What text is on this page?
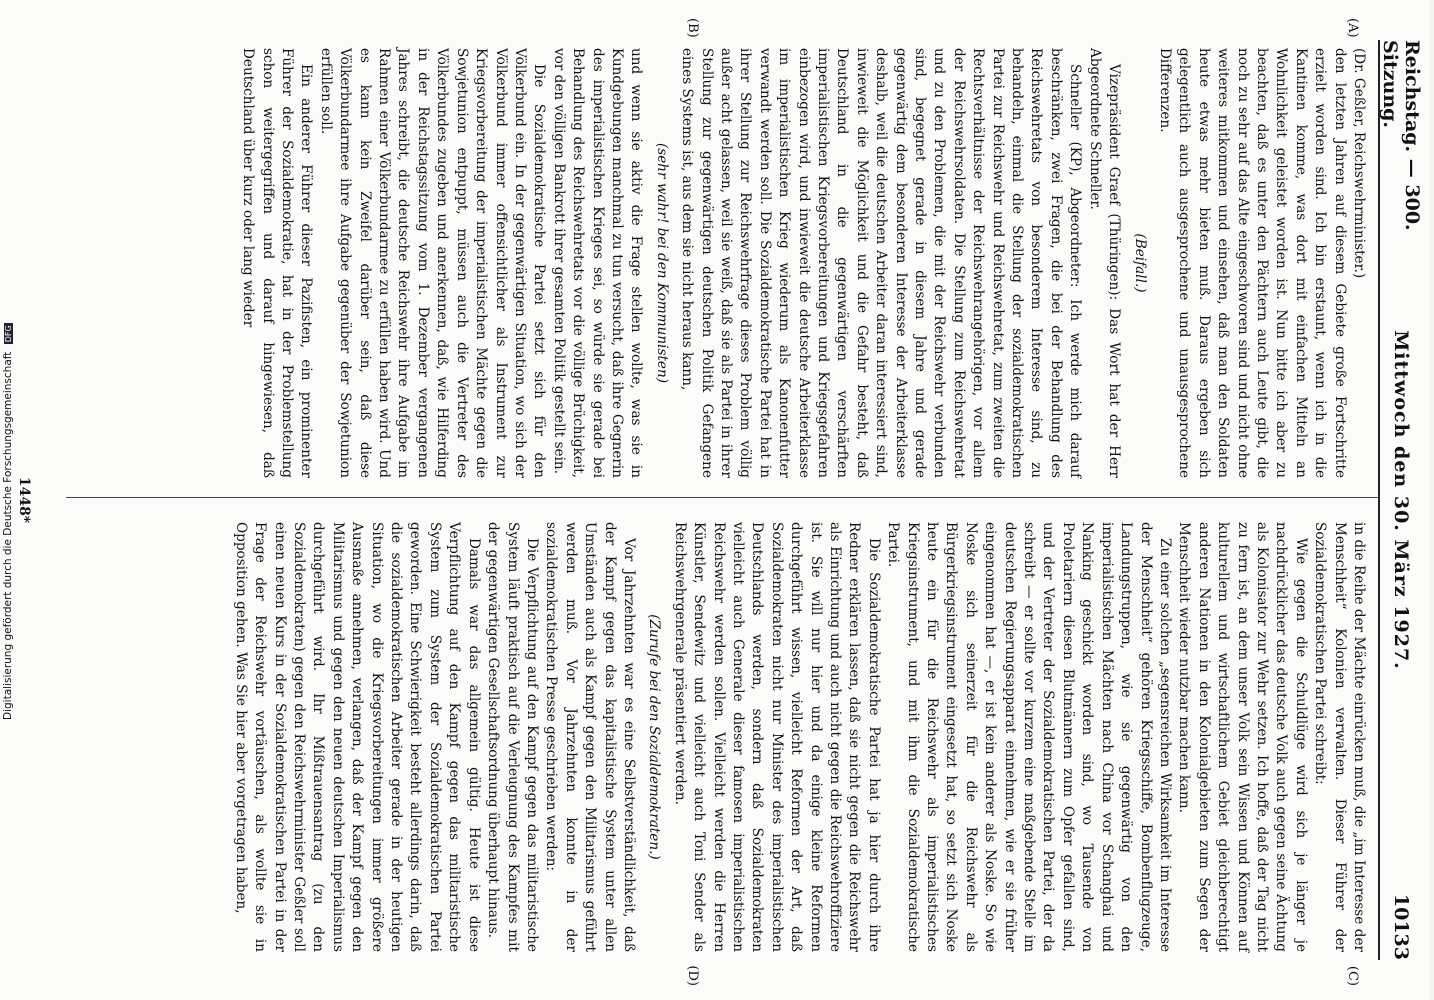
Reichstag. — 300. Sitzung.
Mittwoch den 30. März 1927.
10133
(A)
(B)
(C)
(D)

(Dr. Geßler, Reichswehrminister.)

den letzten Jahren auf diesem Gebiete große Fortschritte erzielt worden sind. Ich bin erstaunt, wenn ich in die Kantinen komme, was dort mit einfachen Mitteln an Wohnlichkeit geleistet worden ist. Nun bitte ich aber zu beachten, daß es unter den Pächtern auch Leute gibt, die noch zu sehr auf das Alte eingeschworen sind und nicht ohne weiteres mitkommen und einsehen, daß man den Soldaten heute etwas mehr bieten muß. Daraus ergeben sich gelegentlich auch ausgesprochene und unausgesprochene Differenzen.

(Beifall.)

Vizepräsident Graef (Thüringen): Das Wort hat der Herr Abgeordnete Schneller.

Schneller (KP), Abgeordneter: Ich werde mich darauf beschränken, zwei Fragen, die bei der Behandlung des Reichswehretats von besonderem Interesse sind, zu behandeln, einmal die Stellung der sozialdemokratischen Partei zur Reichswehr und Reichswehretat, zum zweiten die Rechtsverhältnisse der Reichswehrangehörigen, vor allem der Reichswehrsoldaten. Die Stellung zum Reichswehretat und zu den Problemen, die mit der Reichswehr verbunden sind, begegnet gerade in diesem Jahre und gerade gegenwärtig dem besonderen Interesse der Arbeiterklasse deshalb, weil die deutschen Arbeiter daran interessiert sind, inwieweit die Möglichkeit und die Gefahr besteht, daß Deutschland in die gegenwärtigen verschärften imperialistischen Kriegsvorbereitungen und Kriegsgefahren einbezogen wird, und inwieweit die deutsche Arbeiterklasse im imperialistischen Krieg wiederum als Kanonenfutter verwandt werden soll. Die Sozialdemokratische Partei hat in ihrer Stellung zur Reichswehrfrage dieses Problem völlig außer acht gelassen, weil sie weiß, daß sie als Partei in ihrer Stellung zur gegenwärtigen deutschen Politik Gefangene eines Systems ist, aus dem sie nicht heraus kann,

(sehr wahr! bei den Kommunisten)

und wenn sie aktiv die Frage stellen wollte, was sie in Kundgebungen manchmal zu tun versucht, daß ihre Gegnerin des imperialistischen Krieges sei, so würde sie gerade bei Behandlung des Reichswehretats vor die völlige Brüchigkeit, vor den völligen Bankrott ihrer gesamten Politik gestellt sein.

Die Sozialdemokratische Partei setzt sich für den Völkerbund ein. In der gegenwärtigen Situation, wo sich der Völkerbund immer offensichtlicher als Instrument zur Kriegsvorbereitung der imperialistischen Mächte gegen die Sowjetunion entpuppt, müssen auch die Vertreter des Völkerbundes zugeben und anerkennen, daß, wie Hilferding in der Reichstagssitzung vom 1. Dezember vergangenen Jahres schreibt, die deutsche Reichswehr ihre Aufgabe im Rahmen einer Völkerbundarmee zu erfüllen haben wird. Und es kann kein Zweifel darüber sein, daß diese Völkerbundarmee ihre Aufgabe gegenüber der Sowjetunion erfüllen soll.

Ein anderer Führer dieser Pazifisten, ein prominenter Führer der Sozialdemokratie, hat in der Problemstellung schon weitergegriffen und darauf hingewiesen, daß Deutschland über kurz oder lang wieder

in die Reihe der Mächte einrücken muß, die „im Interesse der Menschheit“ Kolonien verwalten. Dieser Führer der Sozialdemokratischen Partei schreibt:

Wie gegen die Schuldlüge wird sich je länger je nachdrücklicher das deutsche Volk auch gegen seine Ächtung als Kolonisator zur Wehr setzen. Ich hoffe, daß der Tag nicht zu fern ist, an dem unser Volk sein Wissen und Können auf kulturellem und wirtschaftlichem Gebiet gleichberechtigt anderen Nationen in den Kolonialgebieten zum Segen der Menschheit wieder nutzbar machen kann.

Zu einer solchen „segensreichen Wirksamkeit im Interesse der Menschheit“ gehören Kriegsschiffe, Bombenflugzeuge, Landungstruppen, wie sie gegenwärtig von den imperialistischen Mächten nach China vor Schanghai und Nanking geschickt worden sind, wo Tausende von Proletariern diesen Blutmännern zum Opfer gefallen sind, und der Vertreter der Sozialdemokratischen Partei, der da schreibt — er sollte vor kurzem eine maßgebende Stelle im deutschen Regierungsapparat einnehmen, wie er sie früher eingenommen hat —, er ist kein anderer als Noske. So wie Noske sich seinerzeit für die Reichswehr als Bürgerkriegsinstrument eingesetzt hat, so setzt sich Noske heute ein für die Reichswehr als imperialistisches Kriegsinstrument, und mit ihm die Sozialdemokratische Partei.

Die Sozialdemokratische Partei hat ja hier durch ihre Redner erklären lassen, daß sie nicht gegen die Reichswehr als Einrichtung und auch nicht gegen die Reichswehroffiziere ist. Sie will nur hier und da einige kleine Reformen durchgeführt wissen, vielleicht Reformen der Art, daß Sozialdemokraten nicht nur Minister des imperialistischen Deutschlands werden, sondern daß Sozialdemokraten vielleicht auch Generale dieser famosen imperialistischen Reichswehr werden sollen. Vielleicht werden die Herren Künstler, Sendewitz und vielleicht auch Toni Sender als Reichswehrgenerale präsentiert werden.

(Zurufe bei den Sozialdemokraten.)

Vor Jahrzehnten war es eine Selbstverständlichkeit, daß der Kampf gegen das kapitalistische System unter allen Umständen auch als Kampf gegen den Militarismus geführt werden muß. Vor Jahrzehnten konnte in der sozialdemokratischen Presse geschrieben werden:

Die Verpflichtung auf den Kampf gegen das militaristische System läuft praktisch auf die Verleugnung des Kampfes mit der gegenwärtigen Gesellschaftsordnung überhaupt hinaus.

Damals war das allgemein gültig. Heute ist diese Verpflichtung auf den Kampf gegen das militaristische System zum System der Sozialdemokratischen Partei geworden. Eine Schwierigkeit besteht allerdings darin, daß die sozialdemokratischen Arbeiter gerade in der heutigen Situation, wo die Kriegsvorbereitungen immer größere Ausmaße annehmen, verlangen, daß der Kampf gegen den Militarismus und gegen den neuen deutschen Imperialismus durchgeführt wird. Ihr Mißtrauensantrag (zu den Sozialdemokraten) gegen den Reichswehrminister Geßler soll einen neuen Kurs in der Sozialdemokratischen Partei in der Frage der Reichswehr vortäuschen, als wollte sie in Opposition gehen. Was Sie hier aber vorgetragen haben,

1448*
Digitalisierung gefördert durch die Deutsche Forschungsgemeinschaft DFG
